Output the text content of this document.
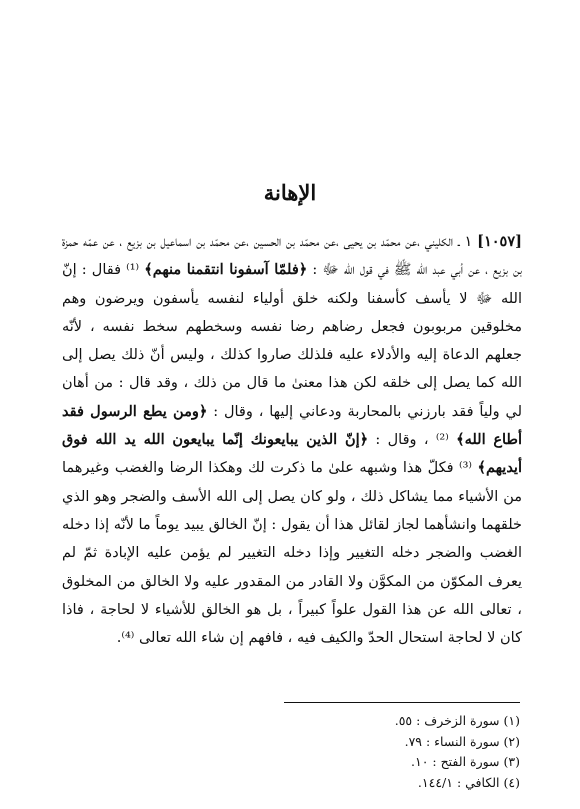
الإهانة
[١٠٥٧] ١ ـ الكليني ،عن محمّد بن يحيى ،عن محمّد بن الحسين ،عن محمّد بن اسماعيل بن بزيع ، عن عمّه حمزة بن بزيع ، عن أبي عبد الله ﷺ في قول الله ﷻ : ﴿فلمّا آسفونا انتقمنا منهم﴾ ⁽¹⁾ فقال : إنّ الله ﷻ لا يأسف كأسفنا ولكنه خلق أولياء لنفسه يأسفون ويرضون وهم مخلوقين مربوبون فجعل رضاهم رضا نفسه وسخطهم سخط نفسه ، لأنّه جعلهم الدعاة إليه والأدلاء عليه فلذلك صاروا كذلك ، وليس أنّ ذلك يصل إلى الله كما يصل إلى خلقه لكن هذا معنىٰ ما قال من ذلك ، وقد قال : من أهان لي ولياً فقد بارزني بالمحاربة ودعاني إليها ، وقال : ﴿ومن يطع الرسول فقد أطاع الله﴾ ⁽²⁾ ، وقال : ﴿إنّ الذين يبايعونك إنّما يبايعون الله يد الله فوق أيديهم﴾ ⁽³⁾ فكلّ هذا وشبهه علىٰ ما ذكرت لك وهكذا الرضا والغضب وغيرهما من الأشياء مما يشاكل ذلك ، ولو كان يصل إلى الله الأسف والضجر وهو الذي خلقهما وانشأهما لجاز لقائل هذا أن يقول : إنّ الخالق يبيد يوماً ما لأنّه إذا دخله الغضب والضجر دخله التغيير وإذا دخله التغيير لم يؤمن عليه الإبادة ثمّ لم يعرف المكوّن من المكوَّن ولا القادر من المقدور عليه ولا الخالق من المخلوق ، تعالى الله عن هذا القول علواً كبيراً ، بل هو الخالق للأشياء لا لحاجة ، فاذا كان لا لحاجة استحال الحدّ والكيف فيه ، فافهم إن شاء الله تعالى ⁽⁴⁾.
(١) سورة الزخرف : ٥٥.
(٢) سورة النساء : ٧٩.
(٣) سورة الفتح : ١٠.
(٤) الكافي : ١٤٤/١.
